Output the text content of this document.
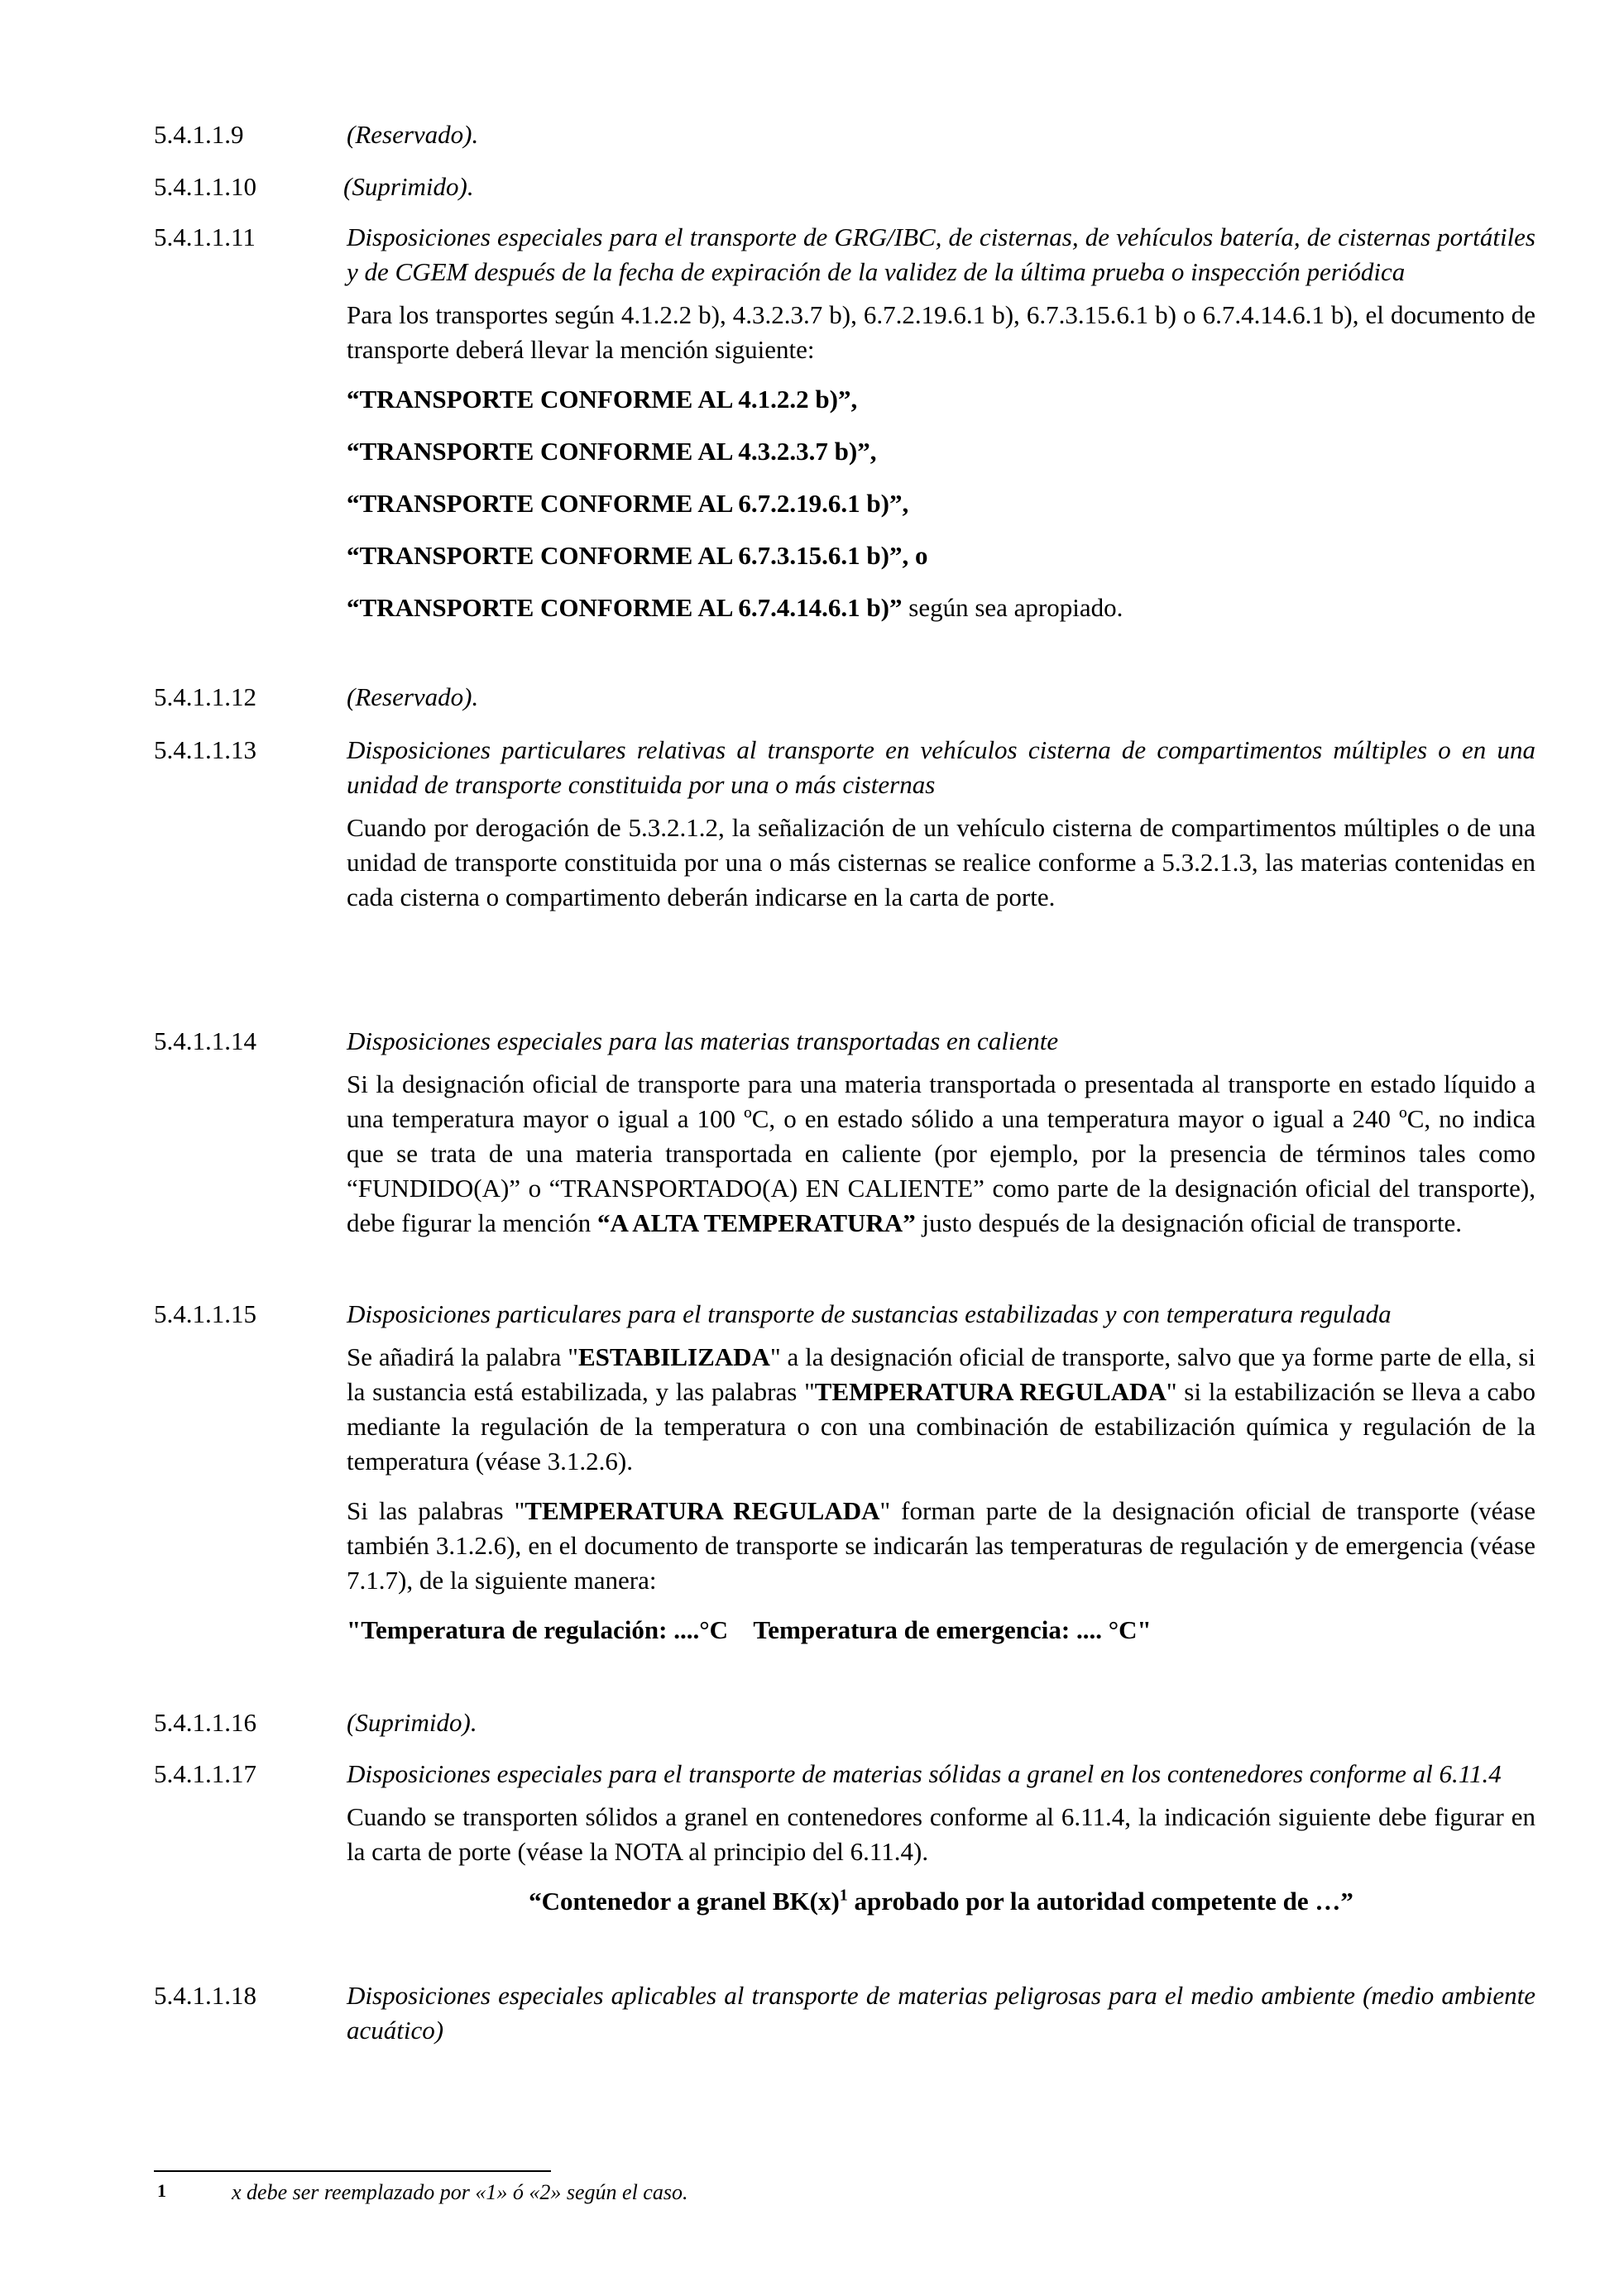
5.4.1.1.9	(Reservado).
5.4.1.1.10	(Suprimido).
5.4.1.1.11	Disposiciones especiales para el transporte de GRG/IBC, de cisternas, de vehículos batería, de cisternas portátiles y de CGEM después de la fecha de expiración de la validez de la última prueba o inspección periódica
Para los transportes según 4.1.2.2 b), 4.3.2.3.7 b), 6.7.2.19.6.1 b), 6.7.3.15.6.1 b) o 6.7.4.14.6.1 b), el documento de transporte deberá llevar la mención siguiente:
“TRANSPORTE CONFORME AL 4.1.2.2 b)”,
“TRANSPORTE CONFORME AL 4.3.2.3.7 b)”,
“TRANSPORTE CONFORME AL 6.7.2.19.6.1 b)”,
“TRANSPORTE CONFORME AL 6.7.3.15.6.1 b)”, o
“TRANSPORTE CONFORME AL 6.7.4.14.6.1 b)” según sea apropiado.
5.4.1.1.12	(Reservado).
5.4.1.1.13	Disposiciones particulares relativas al transporte en vehículos cisterna de compartimentos múltiples o en una unidad de transporte constituida por una o más cisternas
Cuando por derogación de 5.3.2.1.2, la señalización de un vehículo cisterna de compartimentos múltiples o de una unidad de transporte constituida por una o más cisternas se realice conforme a 5.3.2.1.3, las materias contenidas en cada cisterna o compartimento deberán indicarse en la carta de porte.
5.4.1.1.14	Disposiciones especiales para las materias transportadas en caliente
Si la designación oficial de transporte para una materia transportada o presentada al transporte en estado líquido a una temperatura mayor o igual a 100 ºC, o en estado sólido a una temperatura mayor o igual a 240 ºC, no indica que se trata de una materia transportada en caliente (por ejemplo, por la presencia de términos tales como “FUNDIDO(A)” o “TRANSPORTADO(A) EN CALIENTE” como parte de la designación oficial del transporte), debe figurar la mención “A ALTA TEMPERATURA” justo después de la designación oficial de transporte.
5.4.1.1.15	Disposiciones particulares para el transporte de sustancias estabilizadas y con temperatura regulada
Se añadirá la palabra "ESTABILIZADA" a la designación oficial de transporte, salvo que ya forme parte de ella, si la sustancia está estabilizada, y las palabras "TEMPERATURA REGULADA" si la estabilización se lleva a cabo mediante la regulación de la temperatura o con una combinación de estabilización química y regulación de la temperatura (véase 3.1.2.6).
Si las palabras "TEMPERATURA REGULADA" forman parte de la designación oficial de transporte (véase también 3.1.2.6), en el documento de transporte se indicarán las temperaturas de regulación y de emergencia (véase 7.1.7), de la siguiente manera:
"Temperatura de regulación: ....°C    Temperatura de emergencia: .... °C"
5.4.1.1.16	(Suprimido).
5.4.1.1.17	Disposiciones especiales para el transporte de materias sólidas a granel en los contenedores conforme al 6.11.4
Cuando se transporten sólidos a granel en contenedores conforme al 6.11.4, la indicación siguiente debe figurar en la carta de porte (véase la NOTA al principio del 6.11.4).
“Contenedor a granel $BK(x)^1$ aprobado por la autoridad competente de …”
5.4.1.1.18	Disposiciones especiales aplicables al transporte de materias peligrosas para el medio ambiente (medio ambiente acuático)
1	x debe ser reemplazado por «1» ó «2» según el caso.
